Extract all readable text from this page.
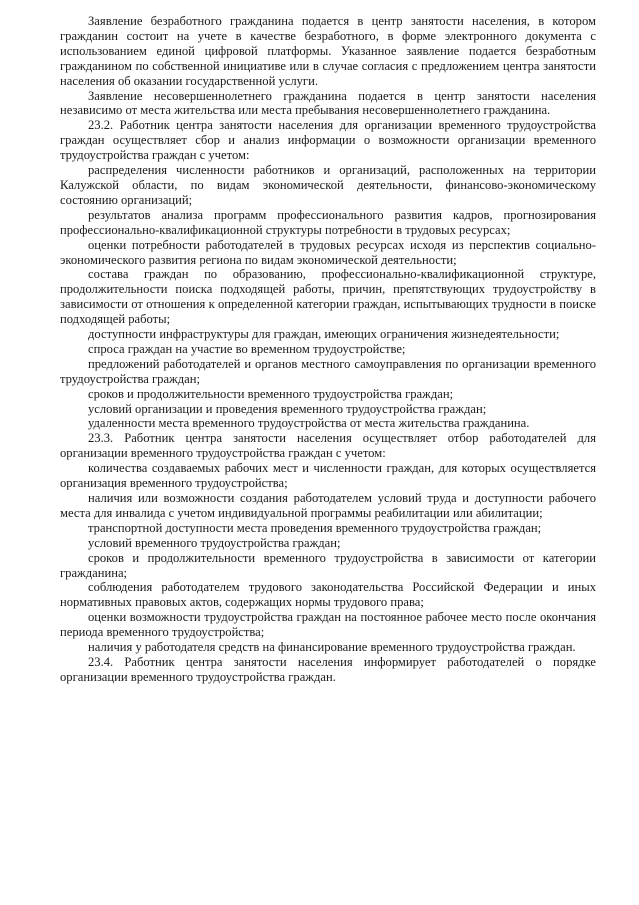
Заявление безработного гражданина подается в центр занятости населения, в котором гражданин состоит на учете в качестве безработного, в форме электронного документа с использованием единой цифровой платформы. Указанное заявление подается безработным гражданином по собственной инициативе или в случае согласия с предложением центра занятости населения об оказании государственной услуги.

Заявление несовершеннолетнего гражданина подается в центр занятости населения независимо от места жительства или места пребывания несовершеннолетнего гражданина.

23.2. Работник центра занятости населения для организации временного трудоустройства граждан осуществляет сбор и анализ информации о возможности организации временного трудоустройства граждан с учетом:

распределения численности работников и организаций, расположенных на территории Калужской области, по видам экономической деятельности, финансово-экономическому состоянию организаций;

результатов анализа программ профессионального развития кадров, прогнозирования профессионально-квалификационной структуры потребности в трудовых ресурсах;

оценки потребности работодателей в трудовых ресурсах исходя из перспектив социально-экономического развития региона по видам экономической деятельности;

состава граждан по образованию, профессионально-квалификационной структуре, продолжительности поиска подходящей работы, причин, препятствующих трудоустройству в зависимости от отношения к определенной категории граждан, испытывающих трудности в поиске подходящей работы;

доступности инфраструктуры для граждан, имеющих ограничения жизнедеятельности;

спроса граждан на участие во временном трудоустройстве;

предложений работодателей и органов местного самоуправления по организации временного трудоустройства граждан;

сроков и продолжительности временного трудоустройства граждан;

условий организации и проведения временного трудоустройства граждан;

удаленности места временного трудоустройства от места жительства гражданина.

23.3. Работник центра занятости населения осуществляет отбор работодателей для организации временного трудоустройства граждан с учетом:

количества создаваемых рабочих мест и численности граждан, для которых осуществляется организация временного трудоустройства;

наличия или возможности создания работодателем условий труда и доступности рабочего места для инвалида с учетом индивидуальной программы реабилитации или абилитации;

транспортной доступности места проведения временного трудоустройства граждан;

условий временного трудоустройства граждан;

сроков и продолжительности временного трудоустройства в зависимости от категории гражданина;

соблюдения работодателем трудового законодательства Российской Федерации и иных нормативных правовых актов, содержащих нормы трудового права;

оценки возможности трудоустройства граждан на постоянное рабочее место после окончания периода временного трудоустройства;

наличия у работодателя средств на финансирование временного трудоустройства граждан.

23.4. Работник центра занятости населения информирует работодателей о порядке организации временного трудоустройства граждан.
